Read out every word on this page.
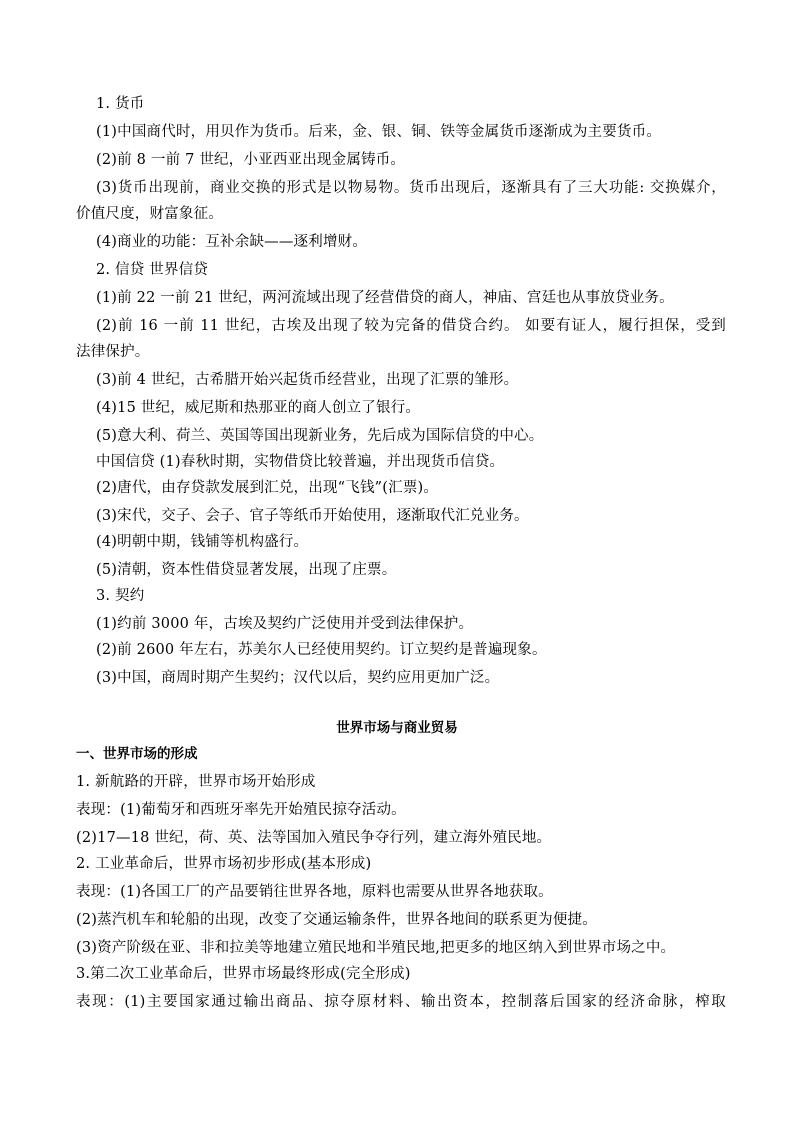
1. 货币
(1)中国商代时，用贝作为货币。后来，金、银、铜、铁等金属货币逐渐成为主要货币。
(2)前 8 一前 7 世纪，小亚西亚出现金属铸币。
(3)货币出现前，商业交换的形式是以物易物。货币出现后，逐渐具有了三大功能: 交换媒介，
价值尺度，财富象征。
(4)商业的功能：互补余缺——逐利增财。
2. 信贷 世界信贷
(1)前 22 一前 21 世纪，两河流域出现了经营借贷的商人，神庙、宫廷也从事放贷业务。
(2)前 16 一前 11 世纪，古埃及出现了较为完备的借贷合约。 如要有证人，履行担保，受到
法律保护。
(3)前 4 世纪，古希腊开始兴起货币经营业，出现了汇票的雏形。
(4)15 世纪，威尼斯和热那亚的商人创立了银行。
(5)意大利、荷兰、英国等国出现新业务，先后成为国际信贷的中心。
中国信贷 (1)春秋时期，实物借贷比较普遍，并出现货币信贷。
(2)唐代，由存贷款发展到汇兑，出现“飞钱”(汇票)。
(3)宋代，交子、会子、官子等纸币开始使用，逐渐取代汇兑业务。
(4)明朝中期，钱铺等机构盛行。
(5)清朝，资本性借贷显著发展，出现了庄票。
3. 契约
(1)约前 3000 年，古埃及契约广泛使用并受到法律保护。
(2)前 2600 年左右，苏美尔人已经使用契约。订立契约是普遍现象。
(3)中国，商周时期产生契约；汉代以后，契约应用更加广泛。
世界市场与商业贸易
一、世界市场的形成
1. 新航路的开辟，世界市场开始形成
表现：(1)葡萄牙和西班牙率先开始殖民掠夺活动。
(2)17—18 世纪，荷、英、法等国加入殖民争夺行列，建立海外殖民地。
2. 工业革命后，世界市场初步形成(基本形成)
表现：(1)各国工厂的产品要销往世界各地，原料也需要从世界各地获取。
(2)蒸汽机车和轮船的出现，改变了交通运输条件，世界各地间的联系更为便捷。
(3)资产阶级在亚、非和拉美等地建立殖民地和半殖民地,把更多的地区纳入到世界市场之中。
3.第二次工业革命后，世界市场最终形成(完全形成)
表现：(1)主要国家通过输出商品、掠夺原材料、输出资本，控制落后国家的经济命脉，榨取
